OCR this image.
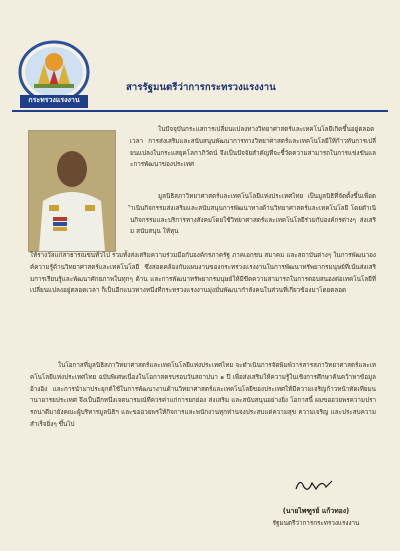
กระทรวงแรงงาน
สารรัฐมนตรีว่าการกระทรวงแรงงาน
ในปัจจุบันกระแสการเปลี่ยนแปลงทางวิทยาศาสตร์และเทคโนโลยีเกิดขึ้นอยู่ตลอดเวลา การส่งเสริมและสนับสนุนพัฒนาการทางวิทยาศาสตร์และเทคโนโลยีให้ก้าวทันการเปลี่ยนแปลงในกระแสยุคโลกาภิวัตน์ จึงเป็นปัจจัยสำคัญที่จะชี้วัดความสามารถในการแข่งขันและการพัฒนาของประเทศ
มูลนิธิสภาวิทยาศาสตร์และเทคโนโลยีแห่งประเทศไทย เป็นมูลนิธิที่จัดตั้งขึ้นเพื่อดำเนินกิจกรรมส่งเสริมและสนับสนุนการพัฒนาทางด้านวิทยาศาสตร์และเทคโนโลยี โดยดำเนินกิจกรรมและบริการทางสังคมโดยใช้วิทยาศาสตร์และเทคโนโลยีร่วมกับองค์กรต่างๆ ส่งเสริม สนับสนุน ให้ทุน
ให้รางวัลแก่สาธารณชนทั่วไป รวมทั้งส่งเสริมความร่วมมือกับองค์กรภาครัฐ ภาคเอกชน สมาคม และสถาบันต่างๆ ในการพัฒนาองค์ความรู้ด้านวิทยาศาสตร์และเทคโนโลยี ซึ่งสอดคล้องกับแผนงานของกระทรวงแรงงานในการพัฒนาทรัพยากรมนุษย์ที่เน้นส่งเสริมการเรียนรู้และพัฒนาศักยภาพในทุกๆ ด้าน และการพัฒนาทรัพยากรมนุษย์ให้มีขีดความสามารถในการตอบสนองต่อเทคโนโลยีที่เปลี่ยนแปลงอยู่ตลอดเวลา ก็เป็นอีกแนวทางหนึ่งที่กระทรวงแรงงานมุ่งมั่นพัฒนากำลังคนในส่วนที่เกี่ยวข้องมาโดยตลอด
ในโอกาสที่มูลนิธิสภาวิทยาศาสตร์และเทคโนโลยีแห่งประเทศไทย จะดำเนินการจัดพิมพ์วารสารสภาวิทยาศาสตร์และเทคโนโลยีแห่งประเทศไทย ฉบับพิเศษเนื่องในโอกาสครบรอบวันสถาปนา ๑ ปี เพื่อส่งเสริมให้ความรู้ในเชิงการศึกษาค้นคว้าหาข้อมูลอ้างอิง และการนำมาประยุกต์ใช้ในการพัฒนางานด้านวิทยาศาสตร์และเทคโนโลยีของประเทศให้มีความเจริญก้าวหน้าทัดเทียมนานาอารยประเทศ จึงเป็นอีกหนึ่งเจตนารมณ์ที่ควรค่าแก่การยกย่อง ส่งเสริม และสนับสนุนอย่างยิ่ง โอกาสนี้ ผมขออวยพรความปรารถนาดีมายังคณะผู้บริหารมูลนิธิฯ และขออวยพรให้กิจการและพนักงานทุกท่านจงประสบแต่ความสุข ความเจริญ และประสบความสำเร็จยิ่งๆ ขึ้นไป
(นายไพฑูรย์ แก้วทอง)
รัฐมนตรีว่าการกระทรวงแรงงาน
